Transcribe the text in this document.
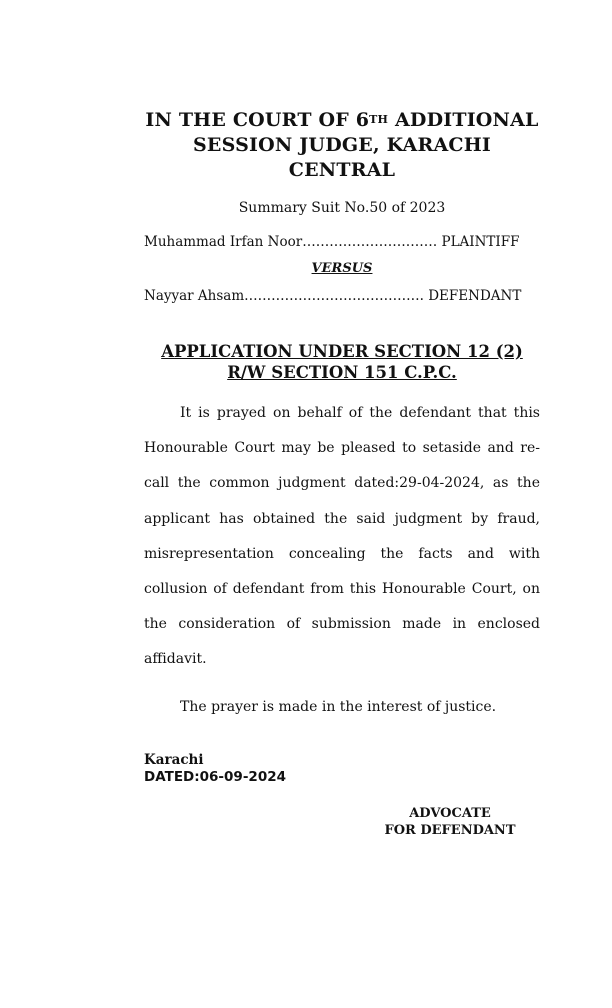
IN THE COURT OF 6TH ADDITIONAL
SESSION JUDGE, KARACHI
CENTRAL
Summary Suit No.50 of 2023
Muhammad Irfan Noor………………………… PLAINTIFF
VERSUS
Nayyar Ahsam…………………………………. DEFENDANT
APPLICATION UNDER SECTION 12 (2)
R/W SECTION 151 C.P.C.
It is prayed on behalf of the defendant that this Honourable Court may be pleased to setaside and re-call the common judgment dated:29-04-2024, as the applicant has obtained the said judgment by fraud, misrepresentation concealing the facts and with collusion of defendant from this Honourable Court, on the consideration of submission made in enclosed affidavit.
The prayer is made in the interest of justice.
Karachi
DATED:06-09-2024
ADVOCATE
FOR DEFENDANT
